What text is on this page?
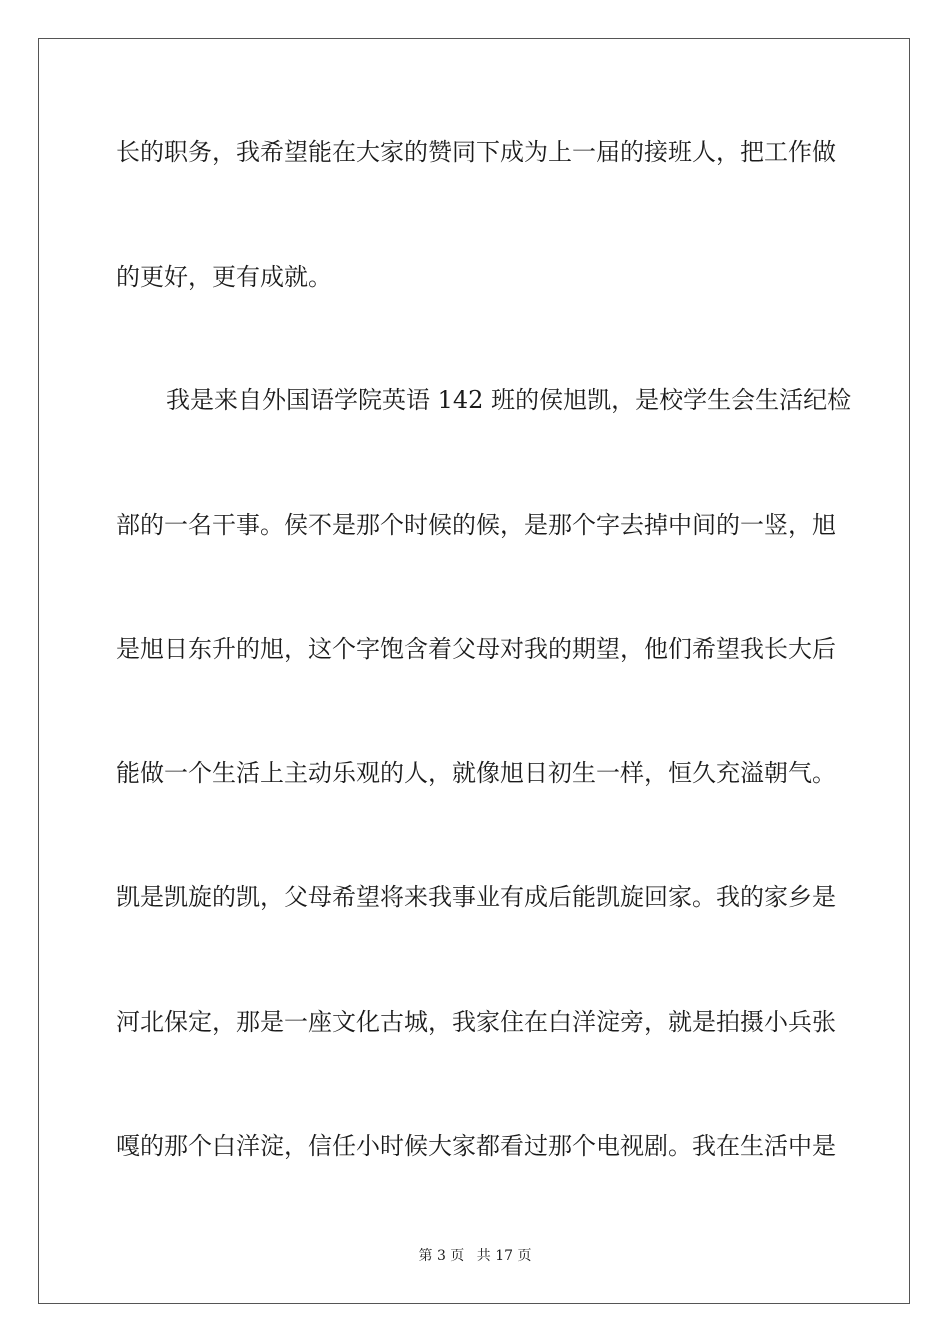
长的职务，我希望能在大家的赞同下成为上一届的接班人，把工作做
的更好，更有成就。
我是来自外国语学院英语 142 班的侯旭凯，是校学生会生活纪检
部的一名干事。侯不是那个时候的候，是那个字去掉中间的一竖，旭
是旭日东升的旭，这个字饱含着父母对我的期望，他们希望我长大后
能做一个生活上主动乐观的人，就像旭日初生一样，恒久充溢朝气。
凯是凯旋的凯，父母希望将来我事业有成后能凯旋回家。我的家乡是
河北保定，那是一座文化古城，我家住在白洋淀旁，就是拍摄小兵张
嘎的那个白洋淀，信任小时候大家都看过那个电视剧。我在生活中是
第 3 页 共 17 页
